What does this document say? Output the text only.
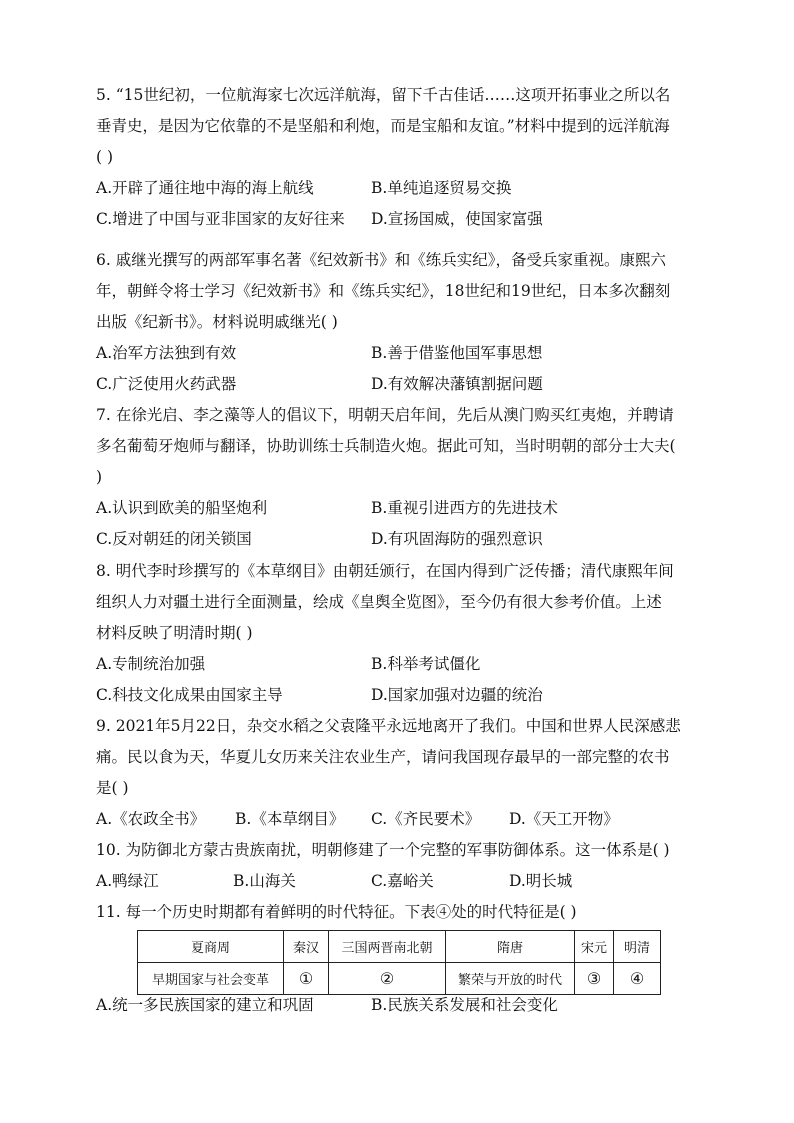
5. “15世纪初，一位航海家七次远洋航海，留下千古佳话……这项开拓事业之所以名

垂青史，是因为它依靠的不是坚船和利炮，而是宝船和友谊。”材料中提到的远洋航海

( )

A.开辟了通往地中海的海上航线	B.单纯追逐贸易交换
C.增进了中国与亚非国家的友好往来 D.宣扬国威，使国家富强

6. 戚继光撰写的两部军事名著《纪效新书》和《练兵实纪》，备受兵家重视。康熙六

年，朝鲜令将士学习《纪效新书》和《练兵实纪》，18世纪和19世纪，日本多次翻刻

出版《纪新书》。材料说明戚继光( )

A.治军方法独到有效	B.善于借鉴他国军事思想
C.广泛使用火药武器	D.有效解决藩镇割据问题

7. 在徐光启、李之藻等人的倡议下，明朝天启年间，先后从澳门购买红夷炮，并聘请

多名葡萄牙炮师与翻译，协助训练士兵制造火炮。据此可知，当时明朝的部分士大夫(

)

A.认识到欧美的船坚炮利	B.重视引进西方的先进技术
C.反对朝廷的闭关锁国	D.有巩固海防的强烈意识

8. 明代李时珍撰写的《本草纲目》由朝廷颁行，在国内得到广泛传播；清代康熙年间

组织人力对疆土进行全面测量，绘成《皇舆全览图》，至今仍有很大参考价值。上述

材料反映了明清时期( )

A.专制统治加强	B.科举考试僵化
C.科技文化成果由国家主导	D.国家加强对边疆的统治

9. 2021年5月22日，杂交水稻之父袁隆平永远地离开了我们。中国和世界人民深感悲

痛。民以食为天，华夏儿女历来关注农业生产，请问我国现存最早的一部完整的农书

是( )

A.《农政全书》 B.《本草纲目》 C.《齐民要术》 D.《天工开物》

10. 为防御北方蒙古贵族南扰，明朝修建了一个完整的军事防御体系。这一体系是( )

A.鸭绿江	B.山海关	C.嘉峪关	D.明长城

11. 每一个历史时期都有着鲜明的时代特征。下表④处的时代特征是( )

夏商周	秦汉	三国两晋南北朝	隋唐	宋元	明清
早期国家与社会变革	①	②	繁荣与开放的时代	③	④
A.统一多民族国家的建立和巩固	B.民族关系发展和社会变化
